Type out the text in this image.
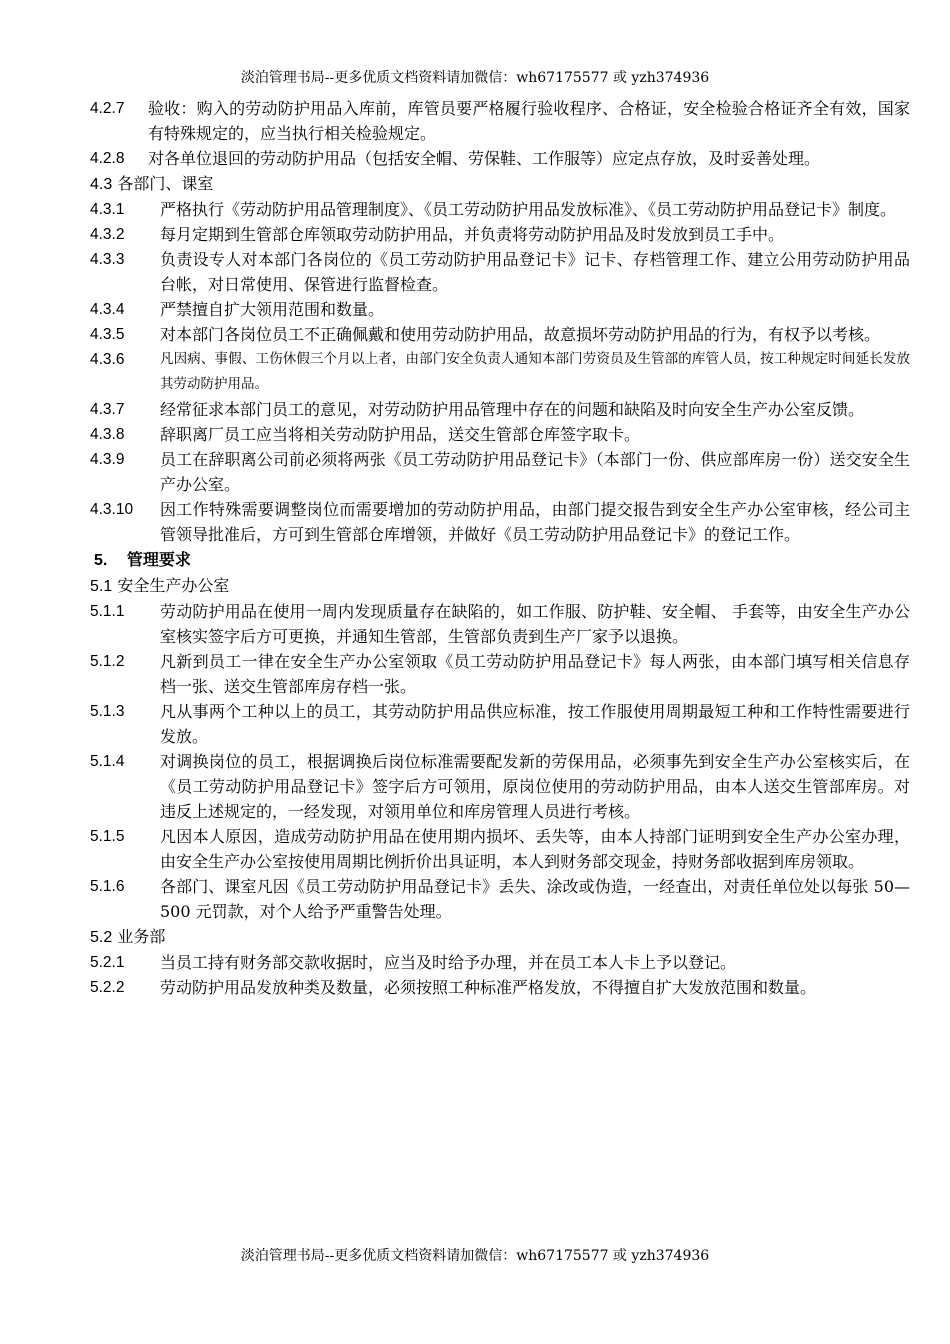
淡泊管理书局--更多优质文档资料请加微信：wh67175577 或 yzh374936
4.2.7	验收：购入的劳动防护用品入库前，库管员要严格履行验收程序、合格证，安全检验合格证齐全有效，国家有特殊规定的，应当执行相关检验规定。
4.2.8	对各单位退回的劳动防护用品（包括安全帽、劳保鞋、工作服等）应定点存放，及时妥善处理。
4.3 各部门、课室
4.3.1	严格执行《劳动防护用品管理制度》、《员工劳动防护用品发放标准》、《员工劳动防护用品登记卡》制度。
4.3.2	每月定期到生管部仓库领取劳动防护用品，并负责将劳动防护用品及时发放到员工手中。
4.3.3	负责设专人对本部门各岗位的《员工劳动防护用品登记卡》记卡、存档管理工作、建立公用劳动防护用品台帐，对日常使用、保管进行监督检查。
4.3.4	严禁擅自扩大领用范围和数量。
4.3.5	对本部门各岗位员工不正确佩戴和使用劳动防护用品，故意损坏劳动防护用品的行为，有权予以考核。
4.3.6	凡因病、事假、工伤休假三个月以上者，由部门安全负责人通知本部门劳资员及生管部的库管人员，按工种规定时间延长发放其劳动防护用品。
4.3.7	经常征求本部门员工的意见，对劳动防护用品管理中存在的问题和缺陷及时向安全生产办公室反馈。
4.3.8	辞职离厂员工应当将相关劳动防护用品，送交生管部仓库签字取卡。
4.3.9	员工在辞职离公司前必须将两张《员工劳动防护用品登记卡》（本部门一份、供应部库房一份）送交安全生产办公室。
4.3.10	因工作特殊需要调整岗位而需要增加的劳动防护用品，由部门提交报告到安全生产办公室审核，经公司主管领导批准后，方可到生管部仓库增领，并做好《员工劳动防护用品登记卡》的登记工作。
5. 管理要求
5.1 安全生产办公室
5.1.1	劳动防护用品在使用一周内发现质量存在缺陷的，如工作服、防护鞋、安全帽、 手套等，由安全生产办公室核实签字后方可更换，并通知生管部，生管部负责到生产厂家予以退换。
5.1.2	凡新到员工一律在安全生产办公室领取《员工劳动防护用品登记卡》每人两张，由本部门填写相关信息存档一张、送交生管部库房存档一张。
5.1.3	凡从事两个工种以上的员工，其劳动防护用品供应标准，按工作服使用周期最短工种和工作特性需要进行发放。
5.1.4	对调换岗位的员工，根据调换后岗位标准需要配发新的劳保用品，必须事先到安全生产办公室核实后，在《员工劳动防护用品登记卡》签字后方可领用，原岗位使用的劳动防护用品，由本人送交生管部库房。对违反上述规定的，一经发现，对领用单位和库房管理人员进行考核。
5.1.5	凡因本人原因，造成劳动防护用品在使用期内损坏、丢失等，由本人持部门证明到安全生产办公室办理，由安全生产办公室按使用周期比例折价出具证明，本人到财务部交现金，持财务部收据到库房领取。
5.1.6	各部门、课室凡因《员工劳动防护用品登记卡》丢失、涂改或伪造，一经查出，对责任单位处以每张 50—500 元罚款，对个人给予严重警告处理。
5.2 业务部
5.2.1	当员工持有财务部交款收据时，应当及时给予办理，并在员工本人卡上予以登记。
5.2.2	劳动防护用品发放种类及数量，必须按照工种标准严格发放，不得擅自扩大发放范围和数量。
淡泊管理书局--更多优质文档资料请加微信：wh67175577 或 yzh374936
